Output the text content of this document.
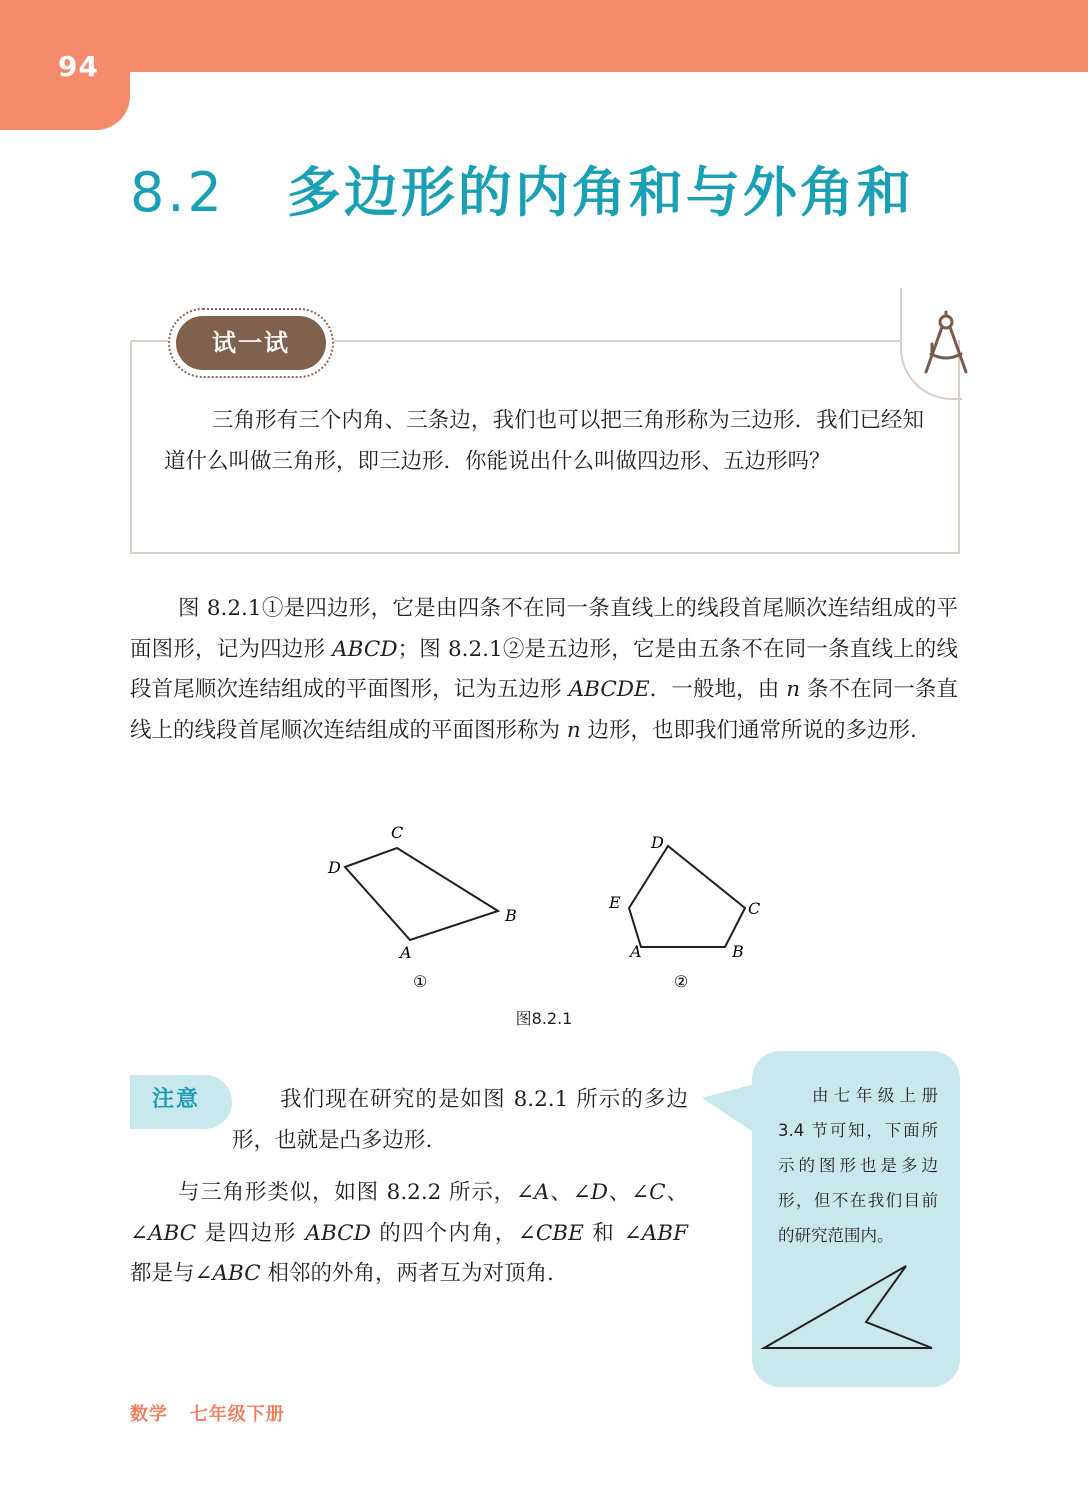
94
8.2 多边形的内角和与外角和
试一试
三角形有三个内角、三条边，我们也可以把三角形称为三边形．我们已经知道什么叫做三角形，即三边形．你能说出什么叫做四边形、五边形吗？
图 8.2.1①是四边形，它是由四条不在同一条直线上的线段首尾顺次连结组成的平面图形，记为四边形 ABCD；图 8.2.1②是五边形，它是由五条不在同一条直线上的线段首尾顺次连结组成的平面图形，记为五边形 ABCDE．一般地，由 n 条不在同一条直线上的线段首尾顺次连结组成的平面图形称为 n 边形，也即我们通常所说的多边形.
C
D
B
A
①
D
E	C
A	B
②
图8.2.1
注意	我们现在研究的是如图 8.2.1 所示的多边形，也就是凸多边形.
与三角形类似，如图 8.2.2 所示，∠A、∠D、∠C、∠ABC 是四边形 ABCD 的四个内角，∠CBE 和 ∠ABF 都是与∠ABC 相邻的外角，两者互为对顶角.
由七年级上册 3.4 节可知，下面所示的图形也是多边形，但不在我们目前的研究范围内。
数学 七年级下册
